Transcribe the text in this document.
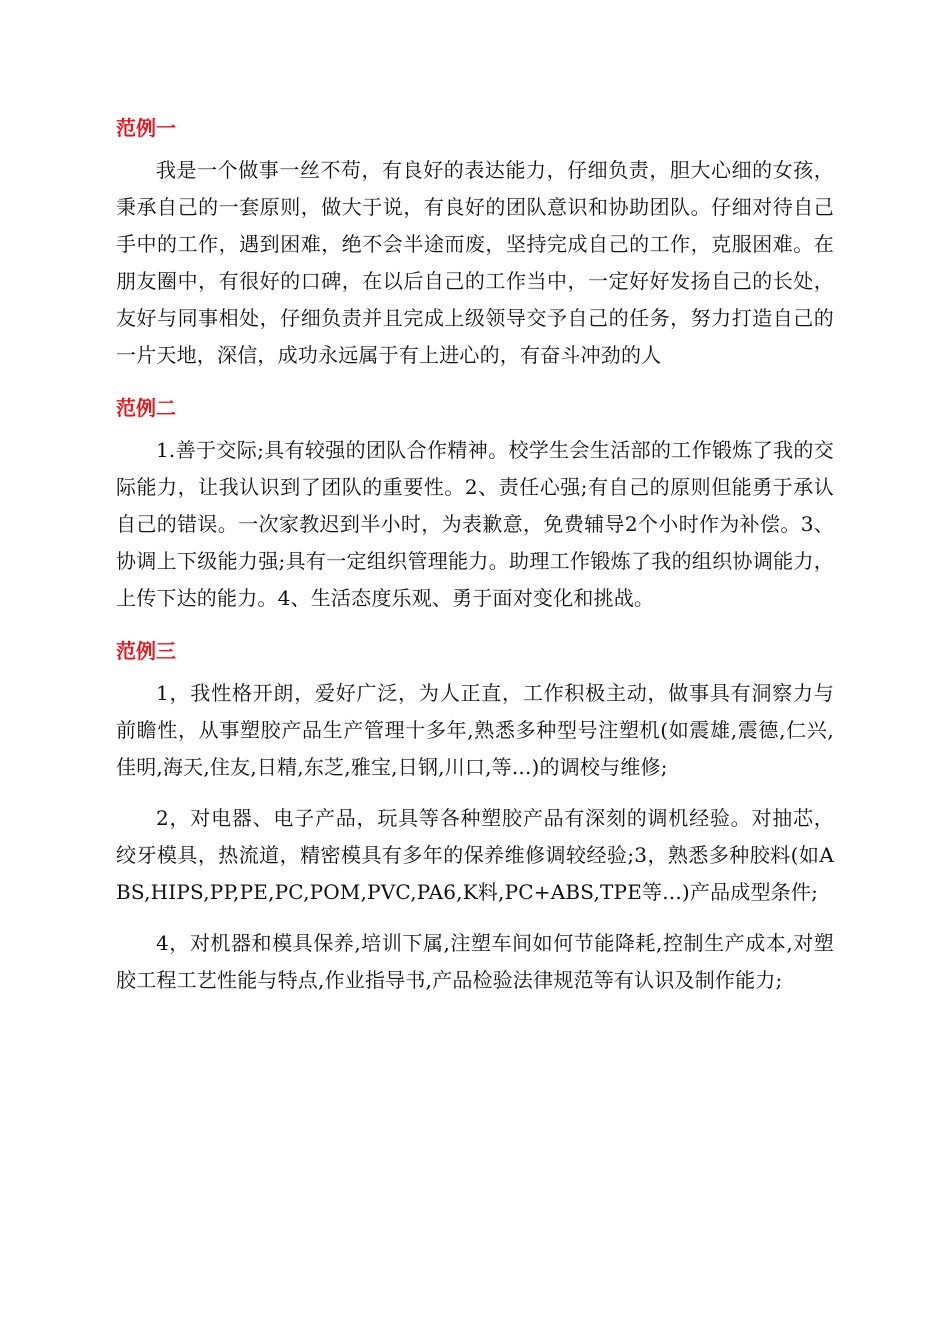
范例一

我是一个做事一丝不苟，有良好的表达能力，仔细负责，胆大心细的女孩，秉承自己的一套原则，做大于说，有良好的团队意识和协助团队。仔细对待自己手中的工作，遇到困难，绝不会半途而废，坚持完成自己的工作，克服困难。在朋友圈中，有很好的口碑，在以后自己的工作当中，一定好好发扬自己的长处，友好与同事相处，仔细负责并且完成上级领导交予自己的任务，努力打造自己的一片天地，深信，成功永远属于有上进心的，有奋斗冲劲的人

范例二

1.善于交际;具有较强的团队合作精神。校学生会生活部的工作锻炼了我的交际能力，让我认识到了团队的重要性。2、责任心强;有自己的原则但能勇于承认自己的错误。一次家教迟到半小时，为表歉意，免费辅导2个小时作为补偿。3、协调上下级能力强;具有一定组织管理能力。助理工作锻炼了我的组织协调能力，上传下达的能力。4、生活态度乐观、勇于面对变化和挑战。

范例三

1，我性格开朗，爱好广泛，为人正直，工作积极主动，做事具有洞察力与前瞻性，从事塑胶产品生产管理十多年,熟悉多种型号注塑机(如震雄,震德,仁兴,佳明,海天,住友,日精,东芝,雅宝,日钢,川口,等...)的调校与维修;

2，对电器、电子产品，玩具等各种塑胶产品有深刻的调机经验。对抽芯，绞牙模具，热流道，精密模具有多年的保养维修调较经验;3，熟悉多种胶料(如ABS,HIPS,PP,PE,PC,POM,PVC,PA6,K料,PC+ABS,TPE等...)产品成型条件;

4，对机器和模具保养,培训下属,注塑车间如何节能降耗,控制生产成本,对塑胶工程工艺性能与特点,作业指导书,产品检验法律规范等有认识及制作能力;
